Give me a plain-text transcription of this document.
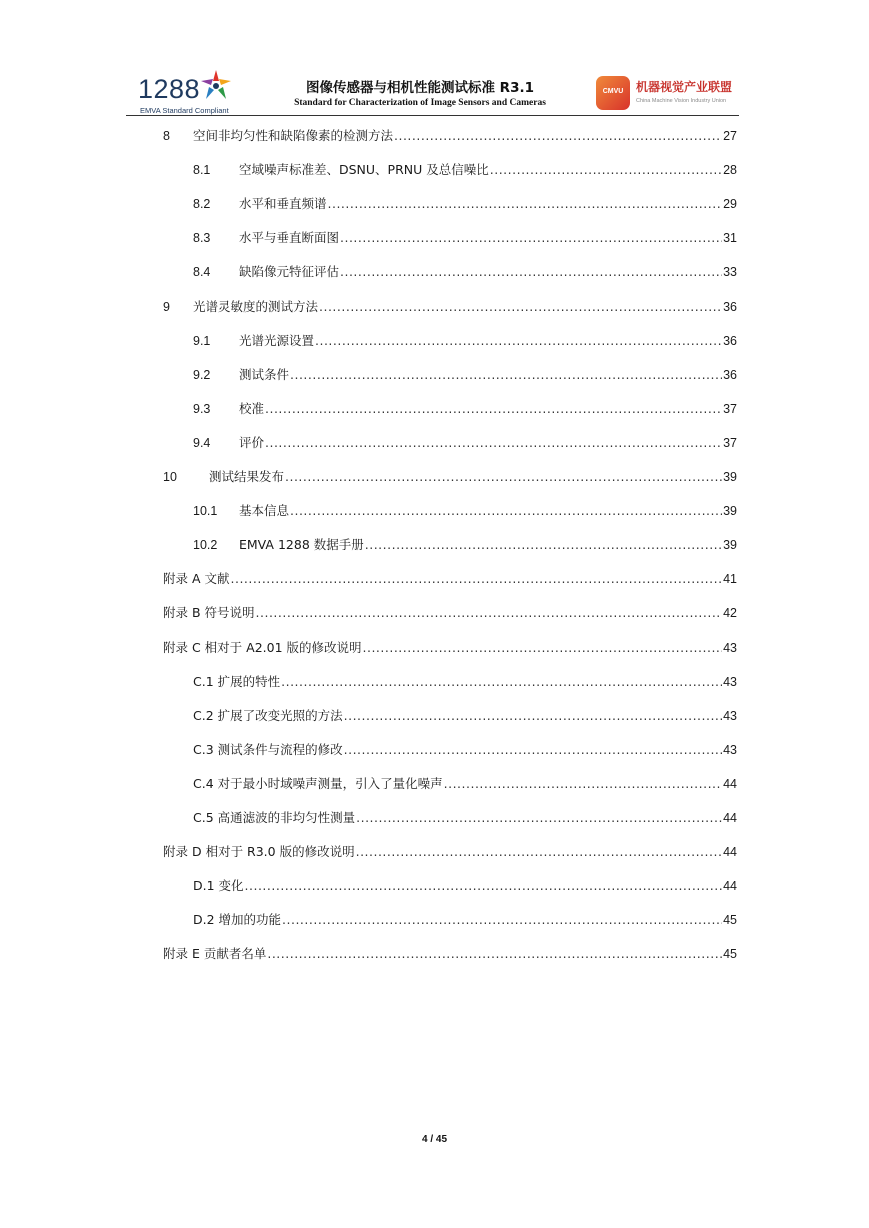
1288
EMVA Standard Compliant
图像传感器与相机性能测试标准 R3.1
Standard for Characterization of Image Sensors and Cameras
CMVU 机器视觉产业联盟
China Machine Vision Industry Union
8	空间非均匀性和缺陷像素的检测方法 .....	27
8.1	空域噪声标准差、DSNU、PRNU 及总信噪比 .....	28
8.2	水平和垂直频谱 .....	29
8.3	水平与垂直断面图 .....	31
8.4	缺陷像元特征评估 .....	33
9	光谱灵敏度的测试方法 .....	36
9.1	光谱光源设置 .....	36
9.2	测试条件 .....	36
9.3	校准 .....	37
9.4	评价 .....	37
10	测试结果发布 .....	39
10.1	基本信息 .....	39
10.2	EMVA 1288 数据手册 .....	39
附录 A 文献 .....	41
附录 B 符号说明 .....	42
附录 C 相对于 A2.01 版的修改说明 .....	43
C.1 扩展的特性 .....	43
C.2 扩展了改变光照的方法 .....	43
C.3 测试条件与流程的修改 .....	43
C.4 对于最小时域噪声测量，引入了量化噪声 .....	44
C.5 高通滤波的非均匀性测量 .....	44
附录 D 相对于 R3.0 版的修改说明 .....	44
D.1 变化 .....	44
D.2 增加的功能 .....	45
附录 E 贡献者名单 .....	45
4 / 45
